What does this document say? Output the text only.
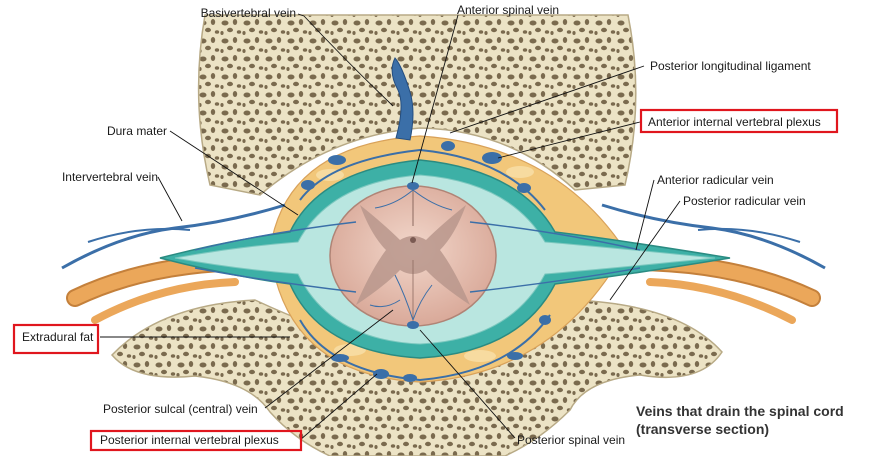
Basivertebral vein	Anterior spinal vein
Posterior longitudinal ligament
Anterior internal vertebral plexus
Dura mater
Intervertebral vein	Anterior radicular vein
Posterior radicular vein
Extradural fat
Posterior sulcal (central) vein
Posterior internal vertebral plexus	Posterior spinal vein
Veins that drain the spinal cord
(transverse section)
